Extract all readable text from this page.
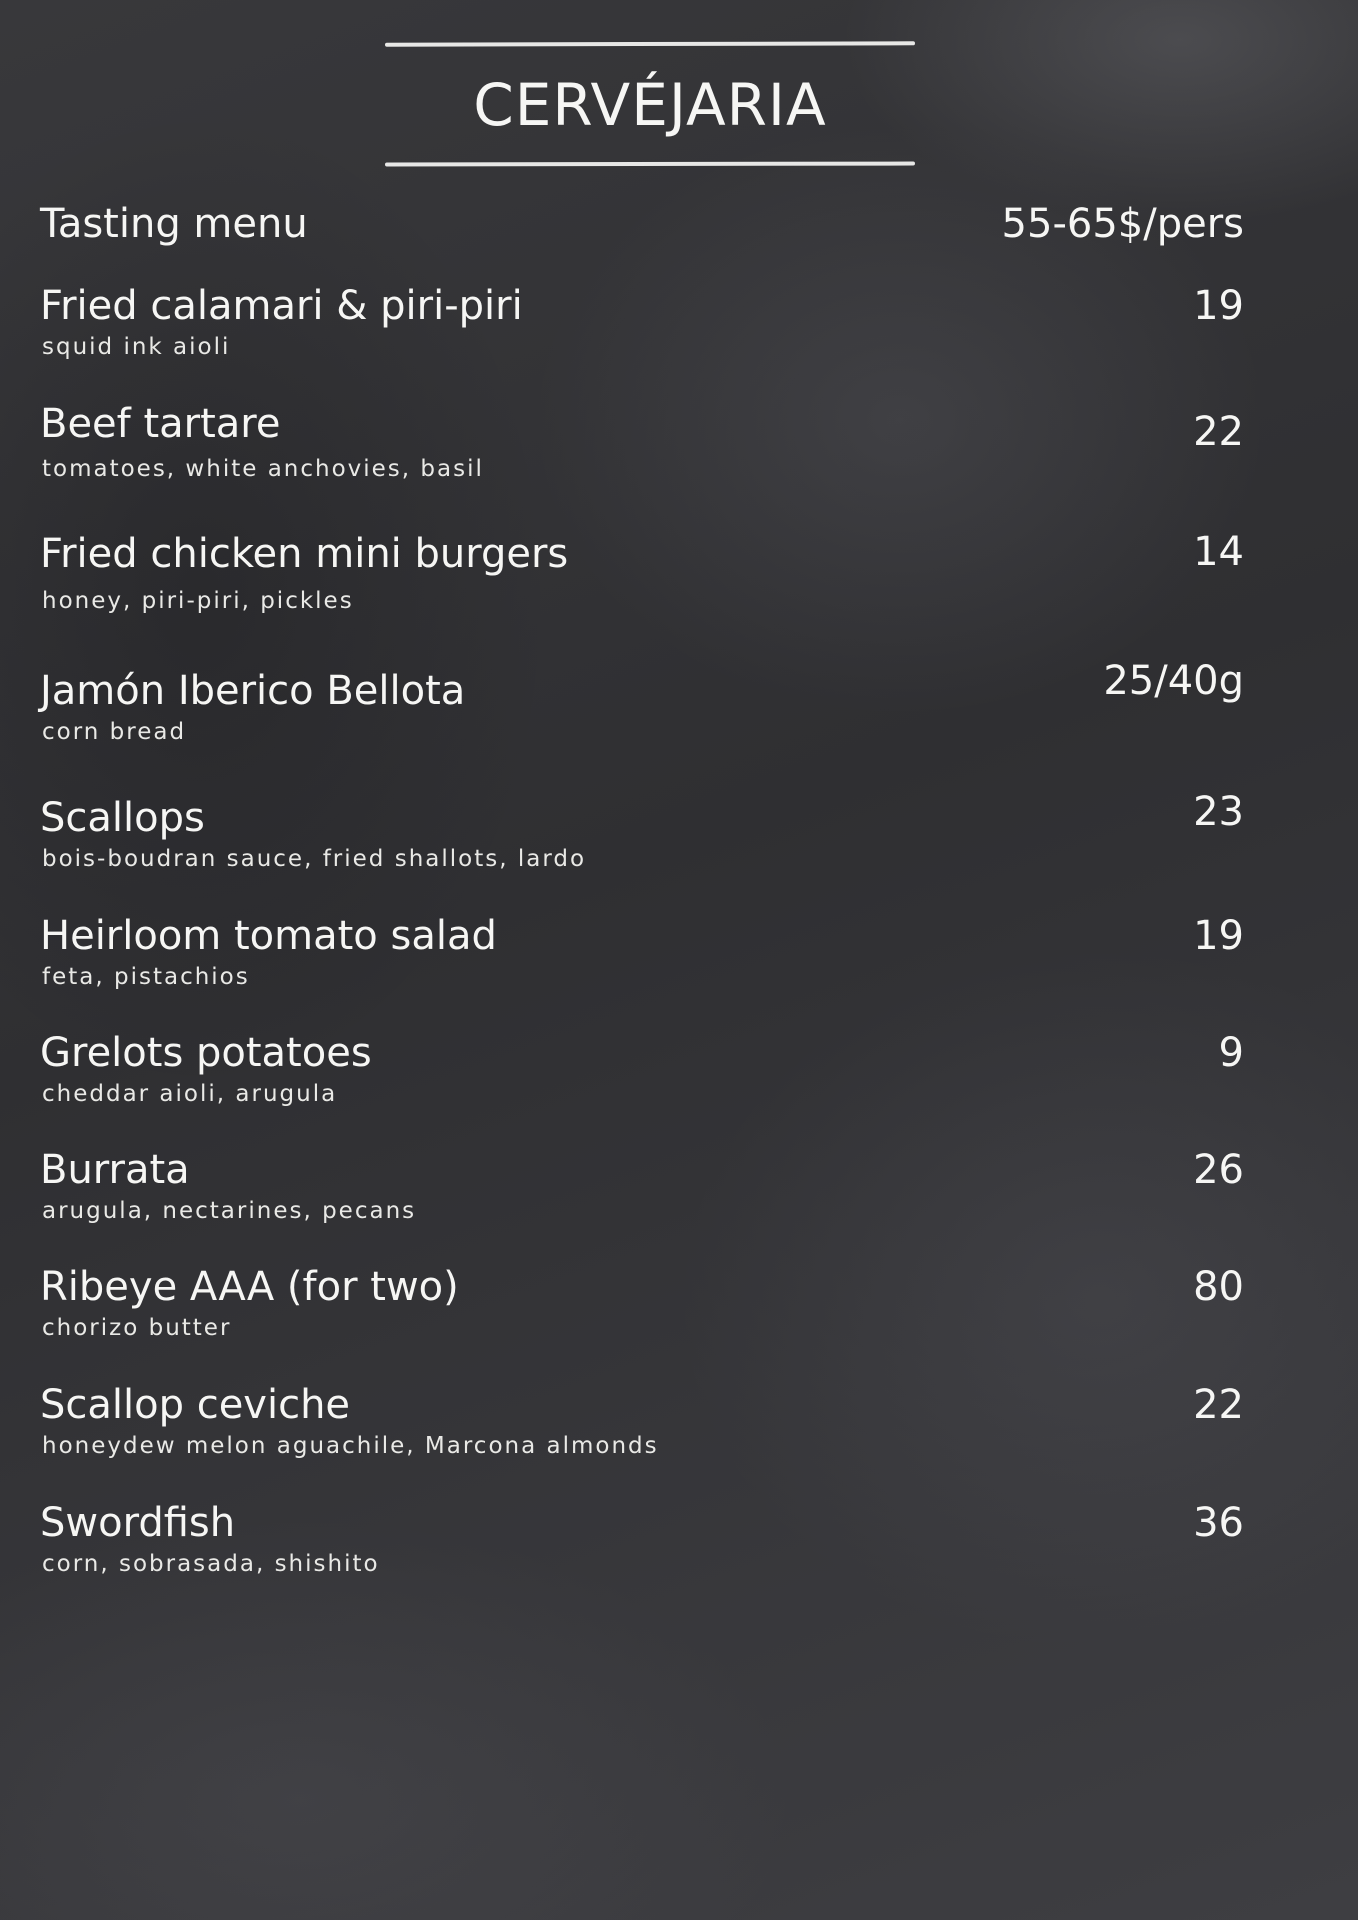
CERVÉJARIA
Tasting menu	55-65$/pers
Fried calamari & piri-piri
squid ink aioli
19
Beef tartare
tomatoes, white anchovies, basil
22
Fried chicken mini burgers
honey, piri-piri, pickles
14
Jamón Iberico Bellota
corn bread
25/40g
Scallops
bois-boudran sauce, fried shallots, lardo
23
Heirloom tomato salad
feta, pistachios
19
Grelots potatoes
cheddar aioli, arugula
9
Burrata
arugula, nectarines, pecans
26
Ribeye AAA (for two)
chorizo butter
80
Scallop ceviche
honeydew melon aguachile, Marcona almonds
22
Swordfish
corn, sobrasada, shishito
36
